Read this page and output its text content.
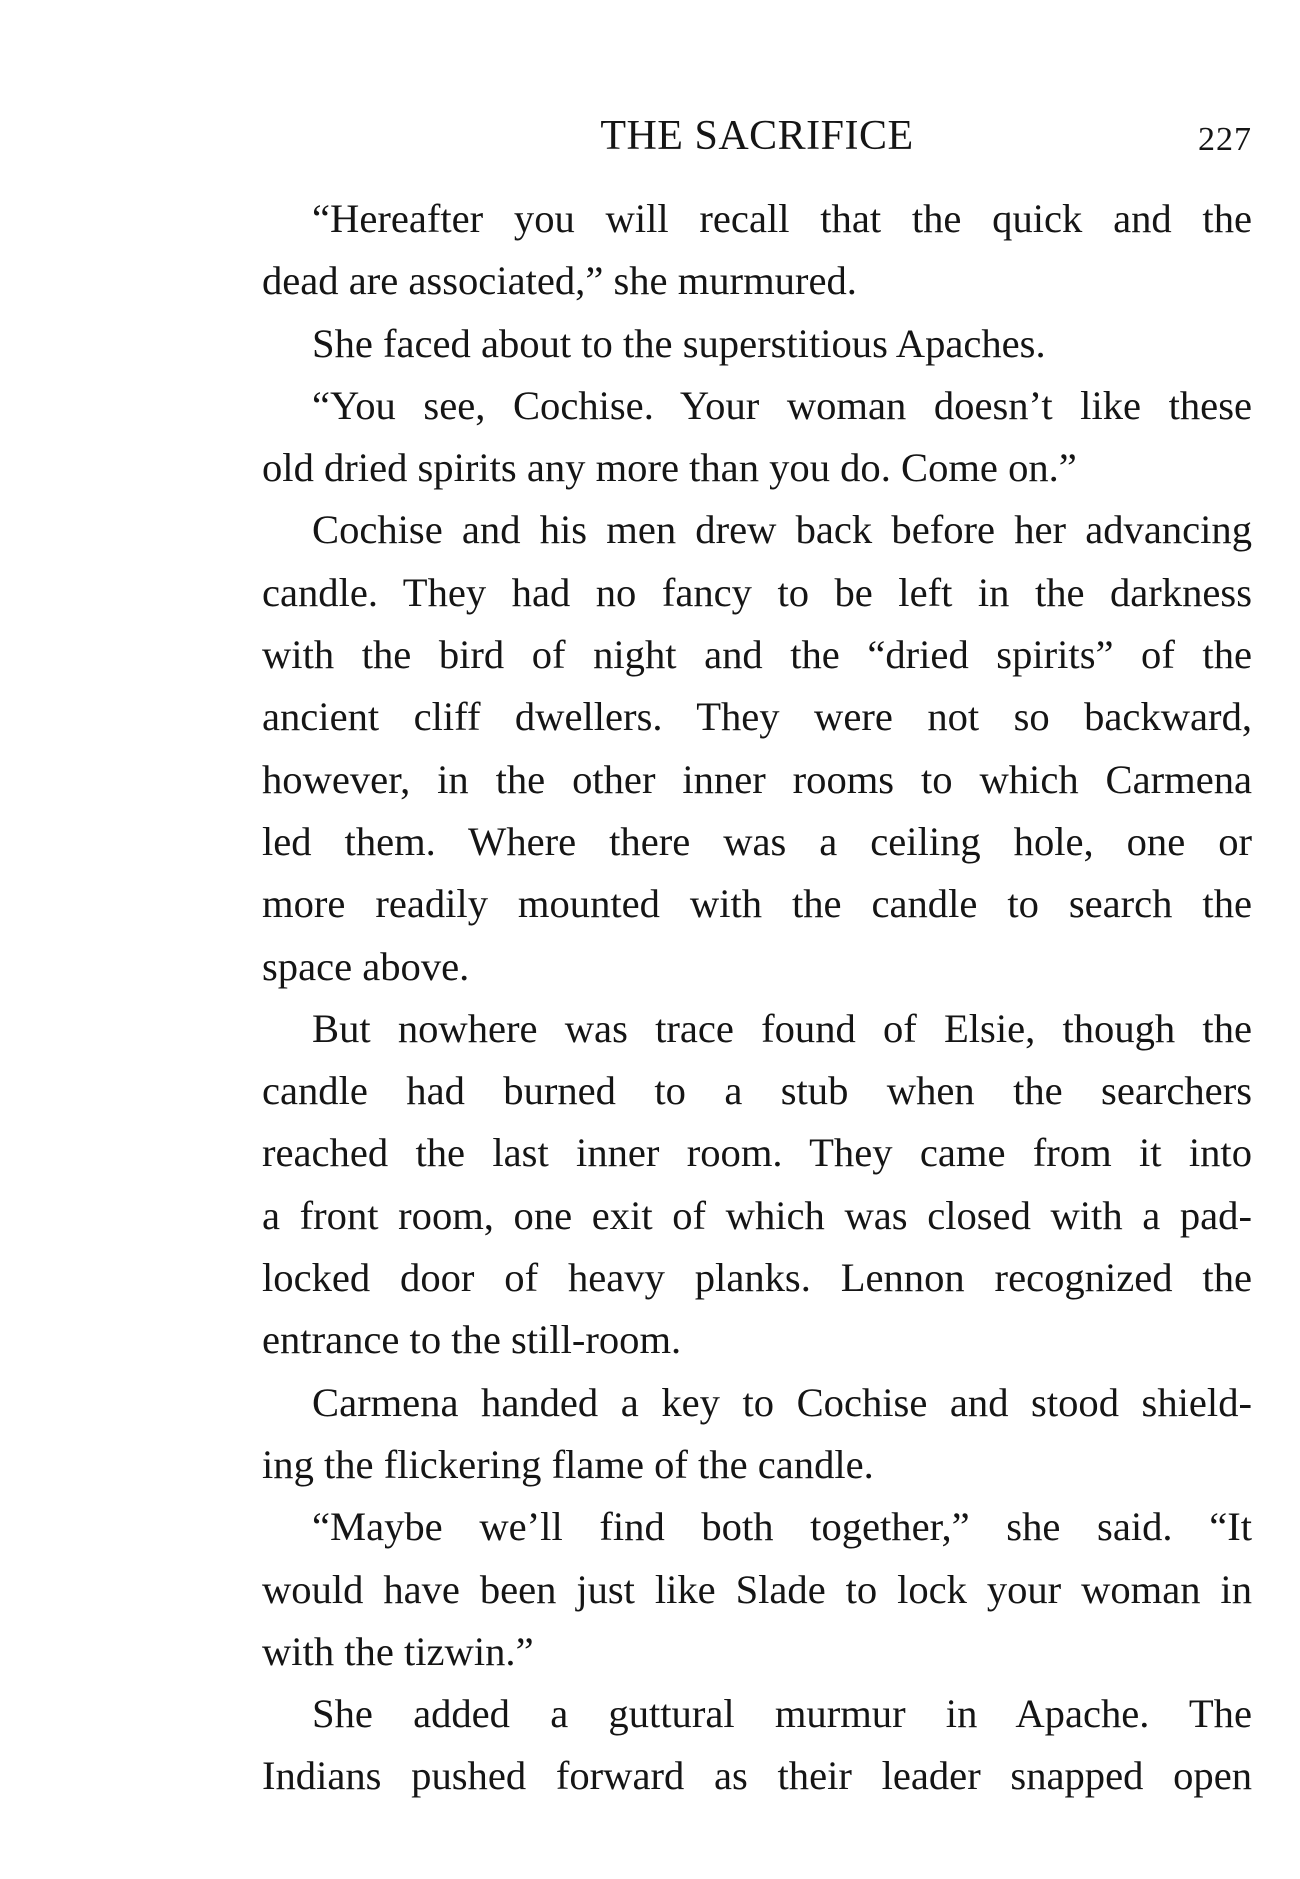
THE SACRIFICE	227

“Hereafter you will recall that the quick and the
dead are associated,” she murmured.

She faced about to the superstitious Apaches.

“You see, Cochise. Your woman doesn’t like these
old dried spirits any more than you do. Come on.”

Cochise and his men drew back before her advancing
candle. They had no fancy to be left in the darkness
with the bird of night and the “dried spirits” of the
ancient cliff dwellers. They were not so backward,
however, in the other inner rooms to which Carmena
led them. Where there was a ceiling hole, one or
more readily mounted with the candle to search the
space above.

But nowhere was trace found of Elsie, though the
candle had burned to a stub when the searchers
reached the last inner room. They came from it into
a front room, one exit of which was closed with a pad-
locked door of heavy planks. Lennon recognized the
entrance to the still-room.

Carmena handed a key to Cochise and stood shield-
ing the flickering flame of the candle.

“Maybe we’ll find both together,” she said. “It
would have been just like Slade to lock your woman in
with the tizwin.”

She added a guttural murmur in Apache. The
Indians pushed forward as their leader snapped open
